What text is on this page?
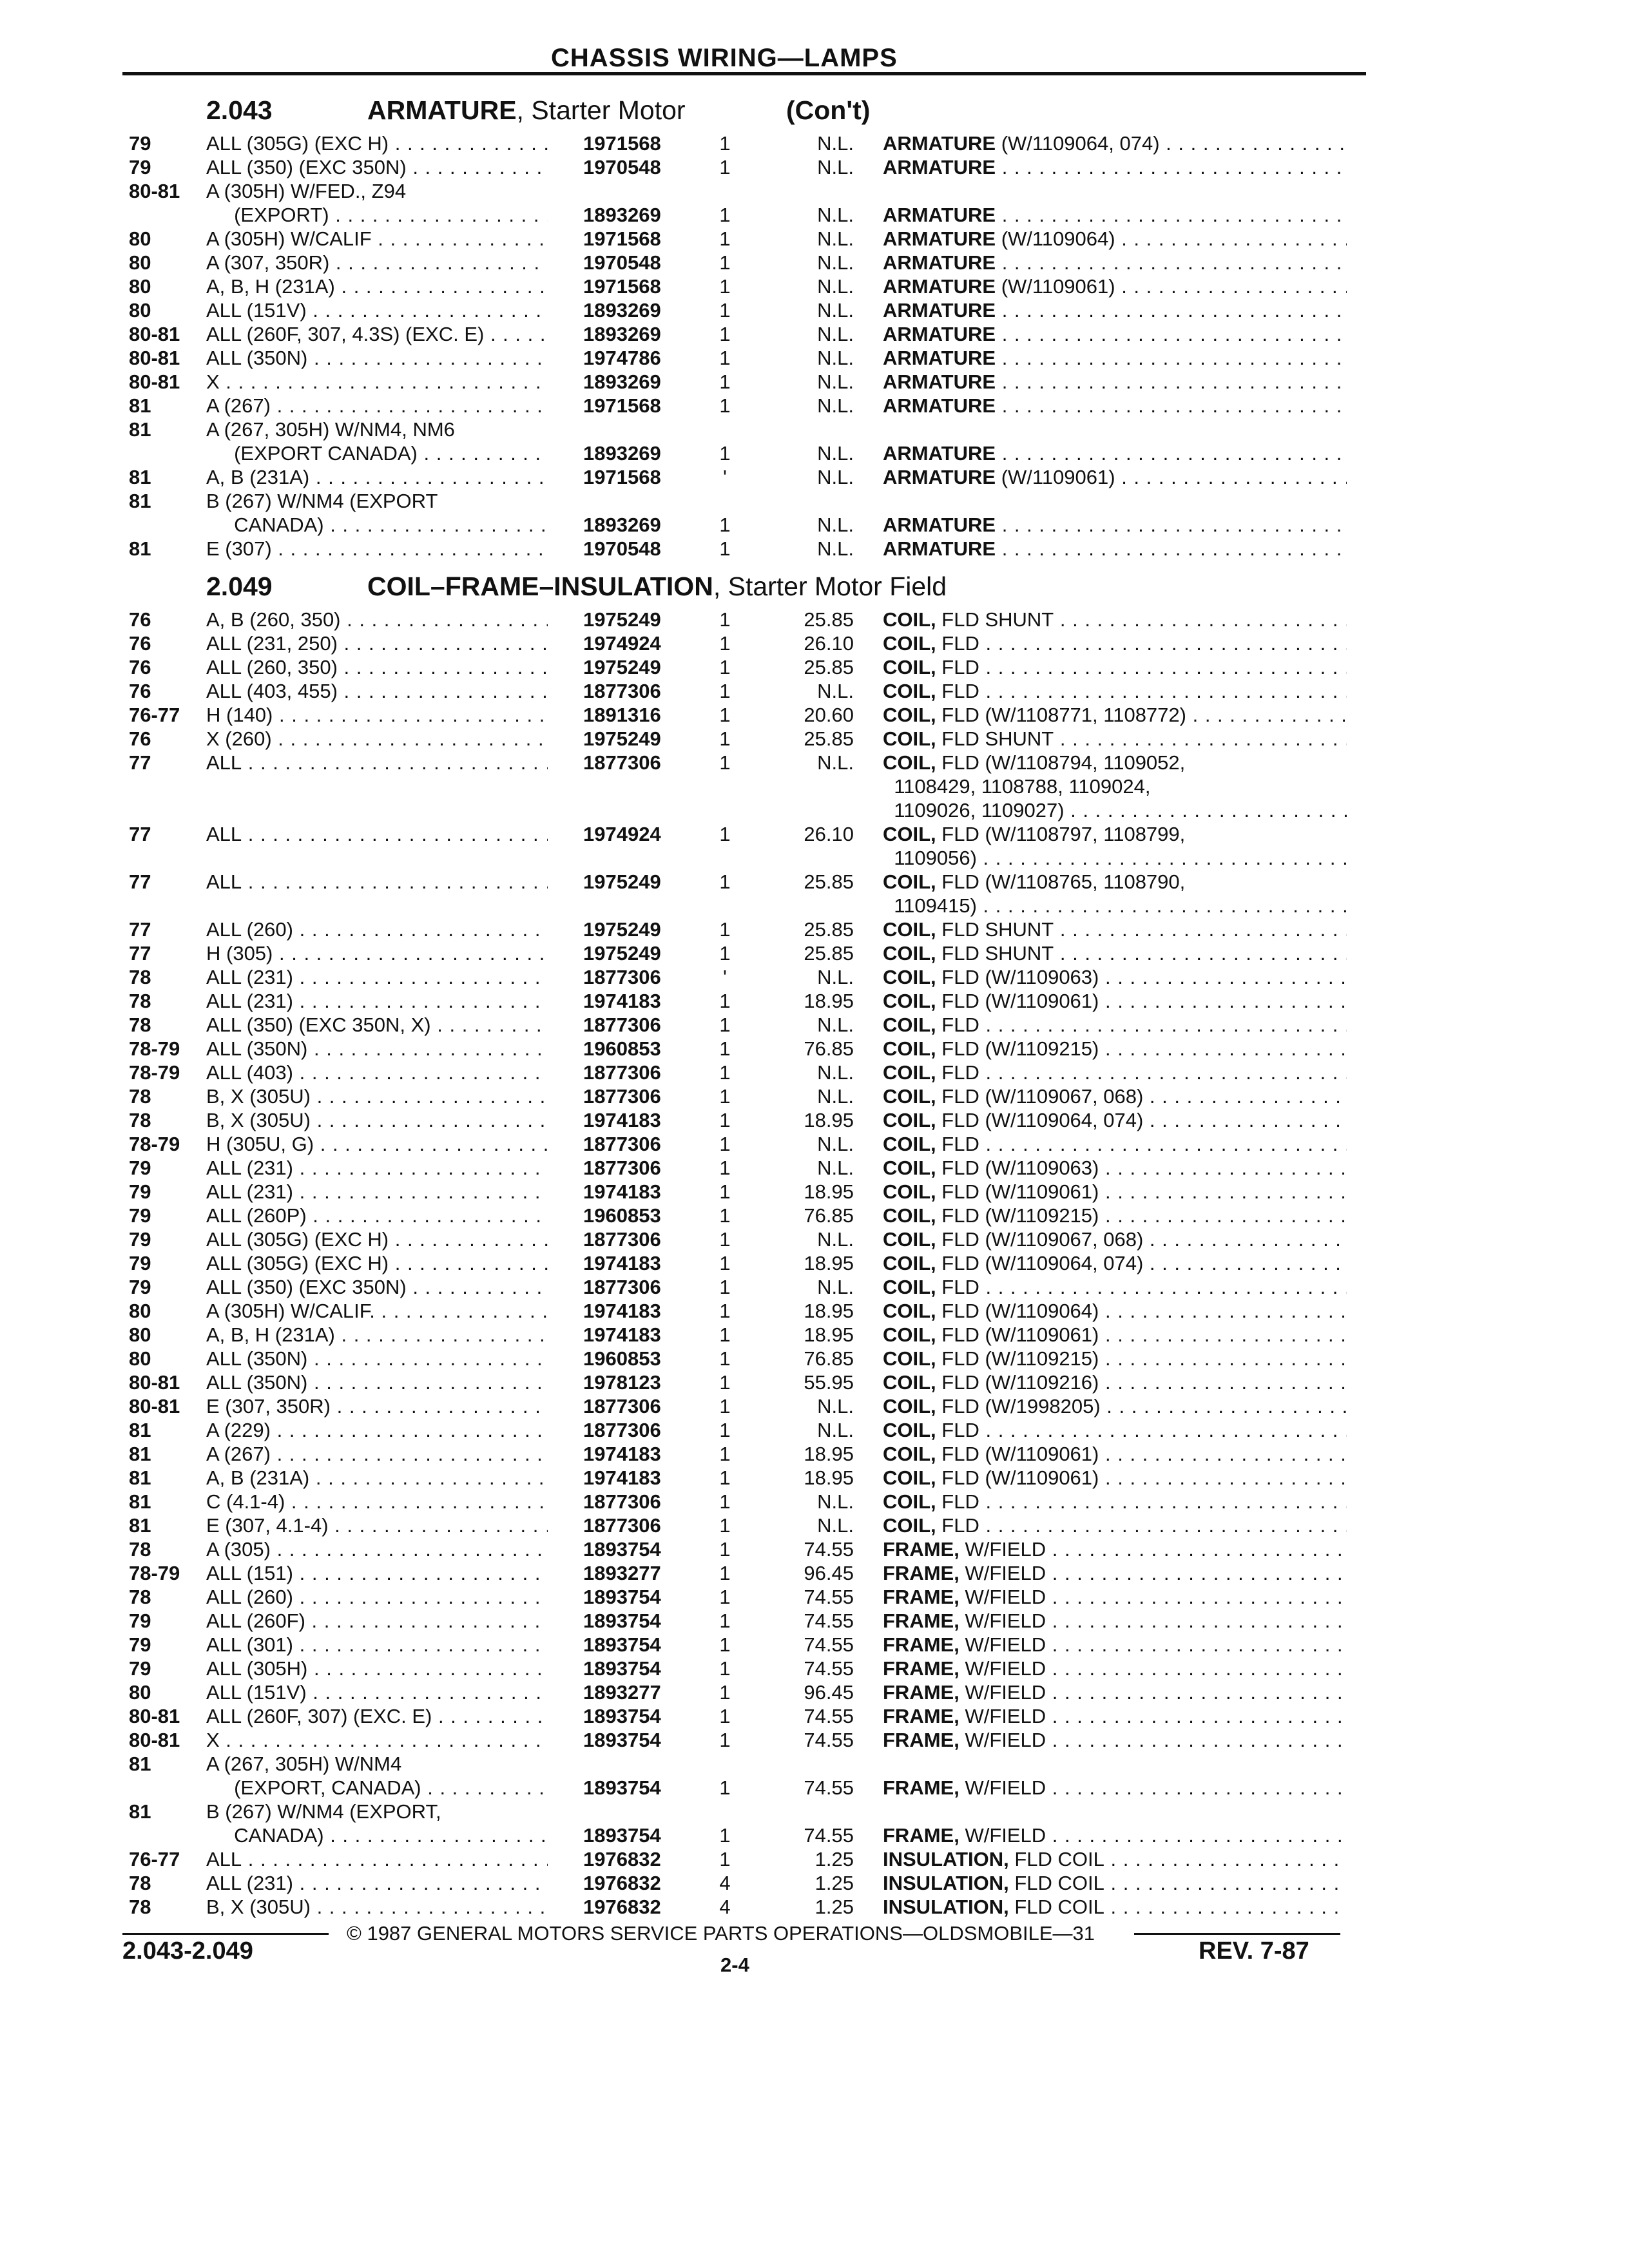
CHASSIS WIRING—LAMPS
2.043	ARMATURE, Starter Motor	(Con't)
79	ALL (305G) (EXC H) . . .	1971568	1	N.L. ARMATURE (W/1109064, 074) . . .
79	ALL (350) (EXC 350N) . . .	1970548	1	N.L. ARMATURE . . .
80-81 A (305H) W/FED., Z94
(EXPORT) . . .	1893269	1	N.L. ARMATURE . . .
80	A (305H) W/CALIF . . .	1971568	1	N.L. ARMATURE (W/1109064) . . .
80	A (307, 350R) . . .	1970548	1	N.L. ARMATURE . . .
80	A, B, H (231A) . . .	1971568	1	N.L. ARMATURE (W/1109061) . . .
80	ALL (151V) . . .	1893269	1	N.L. ARMATURE . . .
80-81 ALL (260F, 307, 4.3S) (EXC. E) . . .	1893269	1	N.L. ARMATURE . . .
80-81 ALL (350N) . . .	1974786	1	N.L. ARMATURE . . .
80-81 X . . .	1893269	1	N.L. ARMATURE . . .
81	A (267) . . .	1971568	1	N.L. ARMATURE . . .
81	A (267, 305H) W/NM4, NM6
(EXPORT CANADA) . . .	1893269	1	N.L. ARMATURE . . .
81	A, B (231A) . . .	1971568	'	N.L. ARMATURE (W/1109061) . . .
81	B (267) W/NM4 (EXPORT
CANADA) . . .	1893269	1	N.L. ARMATURE . . .
81	E (307) . . .	1970548	1	N.L. ARMATURE . . .
2.049	COIL–FRAME–INSULATION, Starter Motor Field
76	A, B (260, 350) . . .	1975249	1	25.85 COIL, FLD SHUNT . . .
76	ALL (231, 250) . . .	1974924	1	26.10 COIL, FLD . . .
76	ALL (260, 350) . . .	1975249	1	25.85 COIL, FLD . . .
76	ALL (403, 455) . . .	1877306	1	N.L. COIL, FLD . . .
76-77 H (140) . . .	1891316	1	20.60 COIL, FLD (W/1108771, 1108772) . . .
76	X (260) . . .	1975249	1	25.85 COIL, FLD SHUNT . . .
77	ALL . . .	1877306	1	N.L. COIL, FLD (W/1108794, 1109052,
1108429, 1108788, 1109024,
1109026, 1109027) . . .
77	ALL . . .	1974924	1	26.10 COIL, FLD (W/1108797, 1108799,
1109056) . . .
77	ALL . . .	1975249	1	25.85 COIL, FLD (W/1108765, 1108790,
1109415) . . .
77	ALL (260) . . .	1975249	1	25.85 COIL, FLD SHUNT . . .
77	H (305) . . .	1975249	1	25.85 COIL, FLD SHUNT . . .
78	ALL (231) . . .	1877306	'	N.L. COIL, FLD (W/1109063) . . .
78	ALL (231) . . .	1974183	1	18.95 COIL, FLD (W/1109061) . . .
78	ALL (350) (EXC 350N, X) . . .	1877306	1	N.L. COIL, FLD . . .
78-79 ALL (350N) . . .	1960853	1	76.85 COIL, FLD (W/1109215) . . .
78-79 ALL (403) . . .	1877306	1	N.L. COIL, FLD . . .
78	B, X (305U) . . .	1877306	1	N.L. COIL, FLD (W/1109067, 068) . . .
78	B, X (305U) . . .	1974183	1	18.95 COIL, FLD (W/1109064, 074) . . .
78-79 H (305U, G) . . .	1877306	1	N.L. COIL, FLD . . .
79	ALL (231) . . .	1877306	1	N.L. COIL, FLD (W/1109063) . . .
79	ALL (231) . . .	1974183	1	18.95 COIL, FLD (W/1109061) . . .
79	ALL (260P) . . .	1960853	1	76.85 COIL, FLD (W/1109215) . . .
79	ALL (305G) (EXC H) . . .	1877306	1	N.L. COIL, FLD (W/1109067, 068) . . .
79	ALL (305G) (EXC H) . . .	1974183	1	18.95 COIL, FLD (W/1109064, 074) . . .
79	ALL (350) (EXC 350N) . . .	1877306	1	N.L. COIL, FLD . . .
80	A (305H) W/CALIF. . . .	1974183	1	18.95 COIL, FLD (W/1109064) . . .
80	A, B, H (231A) . . .	1974183	1	18.95 COIL, FLD (W/1109061) . . .
80	ALL (350N) . . .	1960853	1	76.85 COIL, FLD (W/1109215) . . .
80-81 ALL (350N) . . .	1978123	1	55.95 COIL, FLD (W/1109216) . . .
80-81 E (307, 350R) . . .	1877306	1	N.L. COIL, FLD (W/1998205) . . .
81	A (229) . . .	1877306	1	N.L. COIL, FLD . . .
81	A (267) . . .	1974183	1	18.95 COIL, FLD (W/1109061) . . .
81	A, B (231A) . . .	1974183	1	18.95 COIL, FLD (W/1109061) . . .
81	C (4.1-4) . . .	1877306	1	N.L. COIL, FLD . . .
81	E (307, 4.1-4) . . .	1877306	1	N.L. COIL, FLD . . .
78	A (305) . . .	1893754	1	74.55 FRAME, W/FIELD . . .
78-79 ALL (151) . . .	1893277	1	96.45 FRAME, W/FIELD . . .
78	ALL (260) . . .	1893754	1	74.55 FRAME, W/FIELD . . .
79	ALL (260F) . . .	1893754	1	74.55 FRAME, W/FIELD . . .
79	ALL (301) . . .	1893754	1	74.55 FRAME, W/FIELD . . .
79	ALL (305H) . . .	1893754	1	74.55 FRAME, W/FIELD . . .
80	ALL (151V) . . .	1893277	1	96.45 FRAME, W/FIELD . . .
80-81 ALL (260F, 307) (EXC. E) . . .	1893754	1	74.55 FRAME, W/FIELD . . .
80-81 X . . .	1893754	1	74.55 FRAME, W/FIELD . . .
81	A (267, 305H) W/NM4
(EXPORT, CANADA) . . .	1893754	1	74.55 FRAME, W/FIELD . . .
81	B (267) W/NM4 (EXPORT,
CANADA) . . .	1893754	1	74.55 FRAME, W/FIELD . . .
76-77 ALL . . .	1976832	1	1.25 INSULATION, FLD COIL . . .
78	ALL (231) . . .	1976832	4	1.25 INSULATION, FLD COIL . . .
78	B, X (305U) . . .	1976832	4	1.25 INSULATION, FLD COIL . . .
2.043-2.049
© 1987 GENERAL MOTORS SERVICE PARTS OPERATIONS—OLDSMOBILE—31
2-4
REV. 7-87
